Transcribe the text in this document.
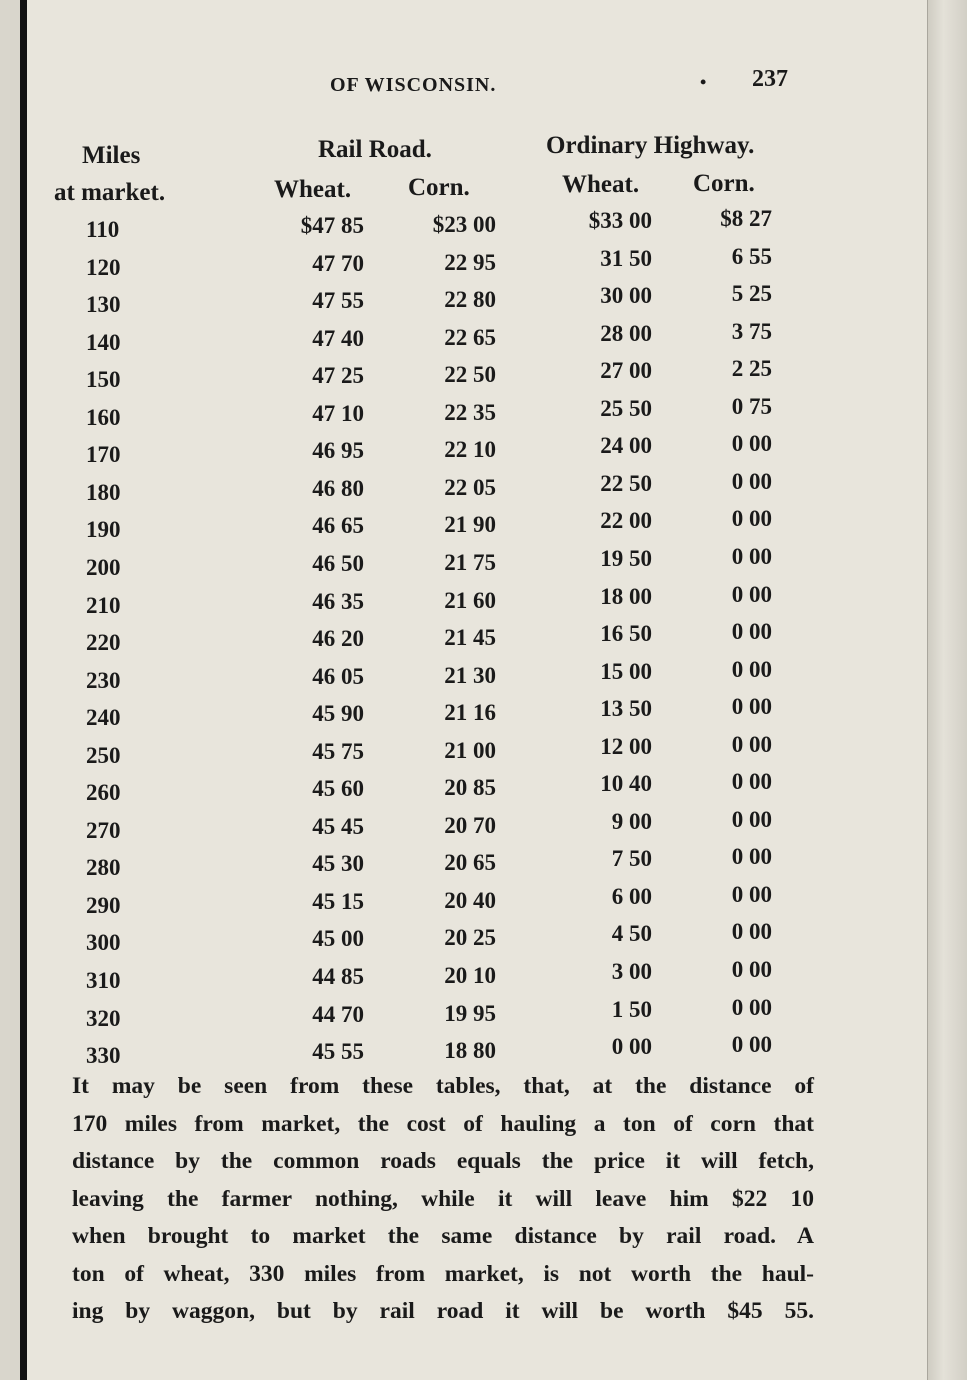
OF WISCONSIN.	• 237
Miles
at market.
Rail Road.	Ordinary Highway.
Wheat. Corn.	Wheat. Corn.
110	$47 85	$23 00	$33 00	$8 27
120	47 70	22 95	31 50	6 55
130	47 55	22 80	30 00	5 25
140	47 40	22 65	28 00	3 75
150	47 25	22 50	27 00	2 25
160	47 10	22 35	25 50	0 75
170	46 95	22 10	24 00	0 00
180	46 80	22 05	22 50	0 00
190	46 65	21 90	22 00	0 00
200	46 50	21 75	19 50	0 00
210	46 35	21 60	18 00	0 00
220	46 20	21 45	16 50	0 00
230	46 05	21 30	15 00	0 00
240	45 90	21 16	13 50	0 00
250	45 75	21 00	12 00	0 00
260	45 60	20 85	10 40	0 00
270	45 45	20 70	9 00	0 00
280	45 30	20 65	7 50	0 00
290	45 15	20 40	6 00	0 00
300	45 00	20 25	4 50	0 00
310	44 85	20 10	3 00	0 00
320	44 70	19 95	1 50	0 00
330	45 55	18 80	0 00	0 00
It may be seen from these tables, that, at the distance of
170 miles from market, the cost of hauling a ton of corn that
distance by the common roads equals the price it will fetch,
leaving the farmer nothing, while it will leave him $22 10
when brought to market the same distance by rail road. A
ton of wheat, 330 miles from market, is not worth the haul-
ing by waggon, but by rail road it will be worth $45 55.
